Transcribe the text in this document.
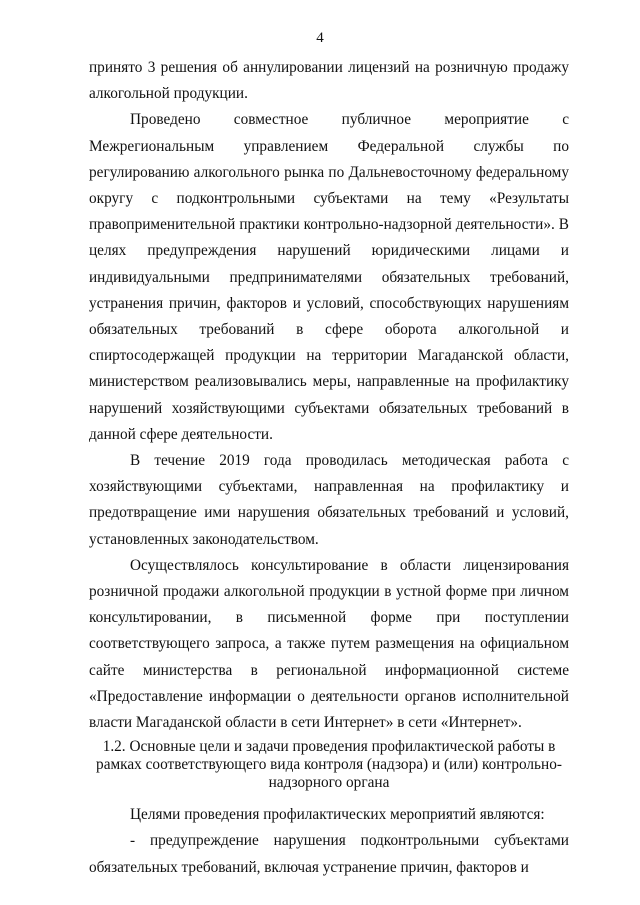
4

принято 3 решения об аннулировании лицензий на розничную продажу алкогольной продукции.

Проведено совместное публичное мероприятие с Межрегиональным управлением Федеральной службы по регулированию алкогольного рынка по Дальневосточному федеральному округу с подконтрольными субъектами на тему «Результаты правоприменительной практики контрольно-надзорной деятельности». В целях предупреждения нарушений юридическими лицами и индивидуальными предпринимателями обязательных требований, устранения причин, факторов и условий, способствующих нарушениям обязательных требований в сфере оборота алкогольной и спиртосодержащей продукции на территории Магаданской области, министерством реализовывались меры, направленные на профилактику нарушений хозяйствующими субъектами обязательных требований в данной сфере деятельности.

В течение 2019 года проводилась методическая работа с хозяйствующими субъектами, направленная на профилактику и предотвращение ими нарушения обязательных требований и условий, установленных законодательством.

Осуществлялось консультирование в области лицензирования розничной продажи алкогольной продукции в устной форме при личном консультировании, в письменной форме при поступлении соответствующего запроса, а также путем размещения на официальном сайте министерства в региональной информационной системе «Предоставление информации о деятельности органов исполнительной власти Магаданской области в сети Интернет» в сети «Интернет».

1.2. Основные цели и задачи проведения профилактической работы в рамках соответствующего вида контроля (надзора) и (или) контрольно-надзорного органа

Целями проведения профилактических мероприятий являются:

- предупреждение нарушения подконтрольными субъектами обязательных требований, включая устранение причин, факторов и
